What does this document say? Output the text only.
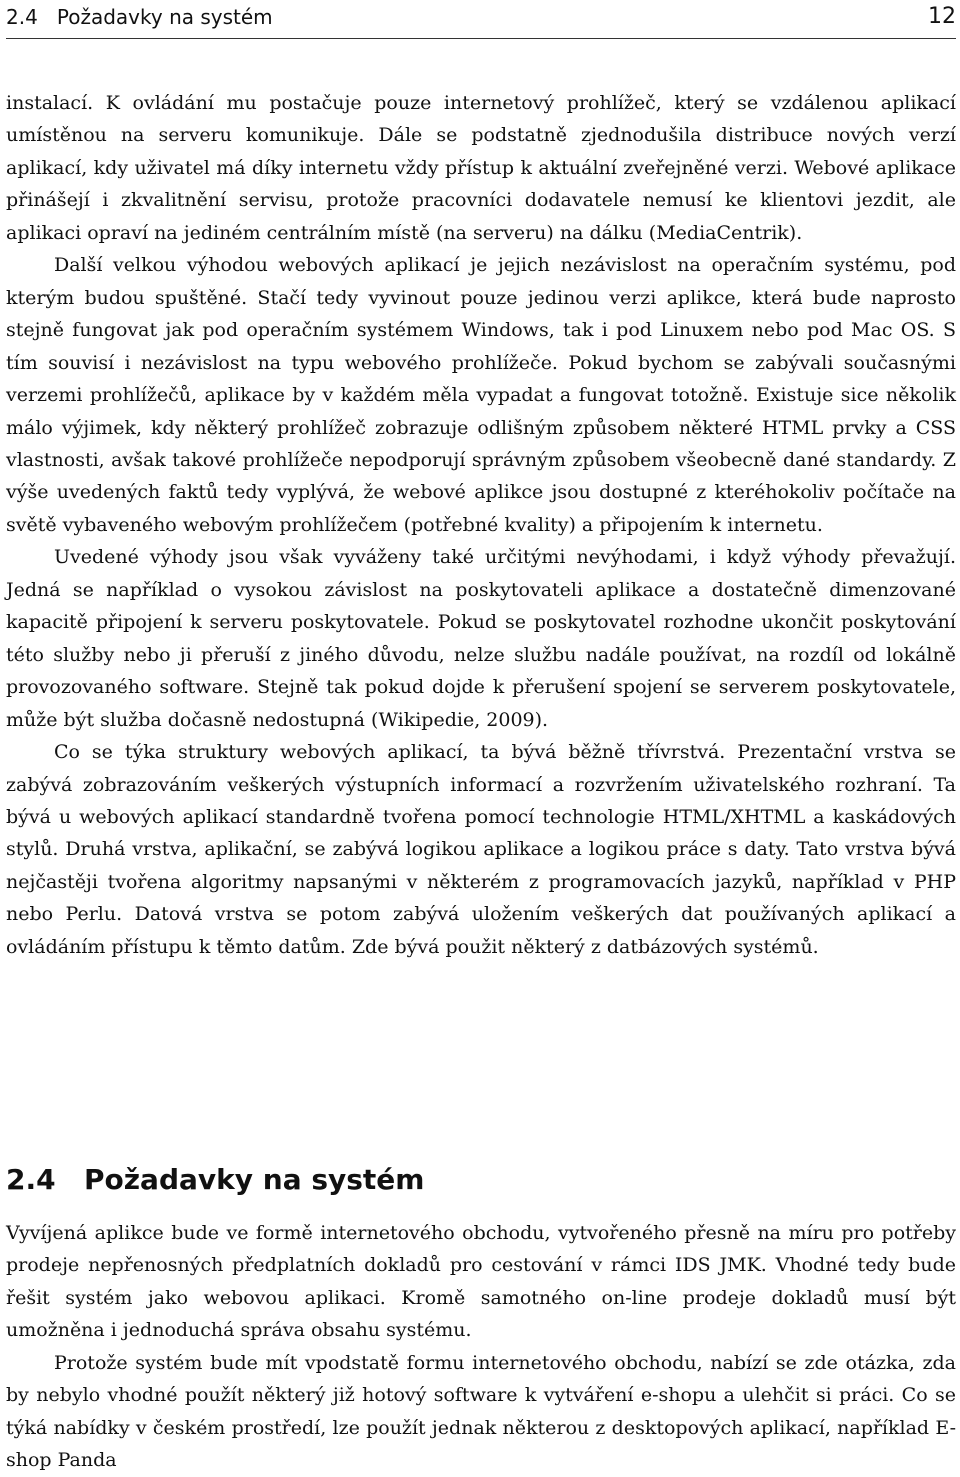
2.4   Požadavky na systém	12

instalací. K ovládání mu postačuje pouze internetový prohlížeč, který se vzdálenou aplikací umístěnou na serveru komunikuje. Dále se podstatně zjednodušila distribuce nových verzí aplikací, kdy uživatel má díky internetu vždy přístup k aktuální zveřejněné verzi. Webové aplikace přinášejí i zkvalitnění servisu, protože pracovníci dodavatele nemusí ke klientovi jezdit, ale aplikaci opraví na jediném centrálním místě (na serveru) na dálku (MediaCentrik).

Další velkou výhodou webových aplikací je jejich nezávislost na operačním systému, pod kterým budou spuštěné. Stačí tedy vyvinout pouze jedinou verzi aplikce, která bude naprosto stejně fungovat jak pod operačním systémem Windows, tak i pod Linuxem nebo pod Mac OS. S tím souvisí i nezávislost na typu webového prohlížeče. Pokud bychom se zabývali současnými verzemi prohlížečů, aplikace by v každém měla vypadat a fungovat totožně. Existuje sice několik málo výjimek, kdy některý prohlížeč zobrazuje odlišným způsobem některé HTML prvky a CSS vlastnosti, avšak takové prohlížeče nepodporují správným způsobem všeobecně dané standardy. Z výše uvedených faktů tedy vyplývá, že webové aplikce jsou dostupné z kteréhokoliv počítače na světě vybaveného webovým prohlížečem (potřebné kvality) a připojením k internetu.

Uvedené výhody jsou však vyváženy také určitými nevýhodami, i když výhody převažují. Jedná se například o vysokou závislost na poskytovateli aplikace a dostatečně dimenzované kapacitě připojení k serveru poskytovatele. Pokud se poskytovatel rozhodne ukončit poskytování této služby nebo ji přeruší z jiného důvodu, nelze službu nadále používat, na rozdíl od lokálně provozovaného software. Stejně tak pokud dojde k přerušení spojení se serverem poskytovatele, může být služba dočasně nedostupná (Wikipedie, 2009).

Co se týka struktury webových aplikací, ta bývá běžně třívrstvá. Prezentační vrstva se zabývá zobrazováním veškerých výstupních informací a rozvržením uživatelského rozhraní. Ta bývá u webových aplikací standardně tvořena pomocí technologie HTML/XHTML a kaskádových stylů. Druhá vrstva, aplikační, se zabývá logikou aplikace a logikou práce s daty. Tato vrstva bývá nejčastěji tvořena algoritmy napsanými v některém z programovacích jazyků, například v PHP nebo Perlu. Datová vrstva se potom zabývá uložením veškerých dat používaných aplikací a ovládáním přístupu k těmto datům. Zde bývá použit některý z datbázových systémů.

2.4 Požadavky na systém

Vyvíjená aplikce bude ve formě internetového obchodu, vytvořeného přesně na míru pro potřeby prodeje nepřenosných předplatních dokladů pro cestování v rámci IDS JMK. Vhodné tedy bude řešit systém jako webovou aplikaci. Kromě samotného on-line prodeje dokladů musí být umožněna i jednoduchá správa obsahu systému.

Protože systém bude mít vpodstatě formu internetového obchodu, nabízí se zde otázka, zda by nebylo vhodné použít některý již hotový software k vytváření e-shopu a ulehčit si práci. Co se týká nabídky v českém prostředí, lze použít jednak některou z desktopových aplikací, například E-shop Panda
